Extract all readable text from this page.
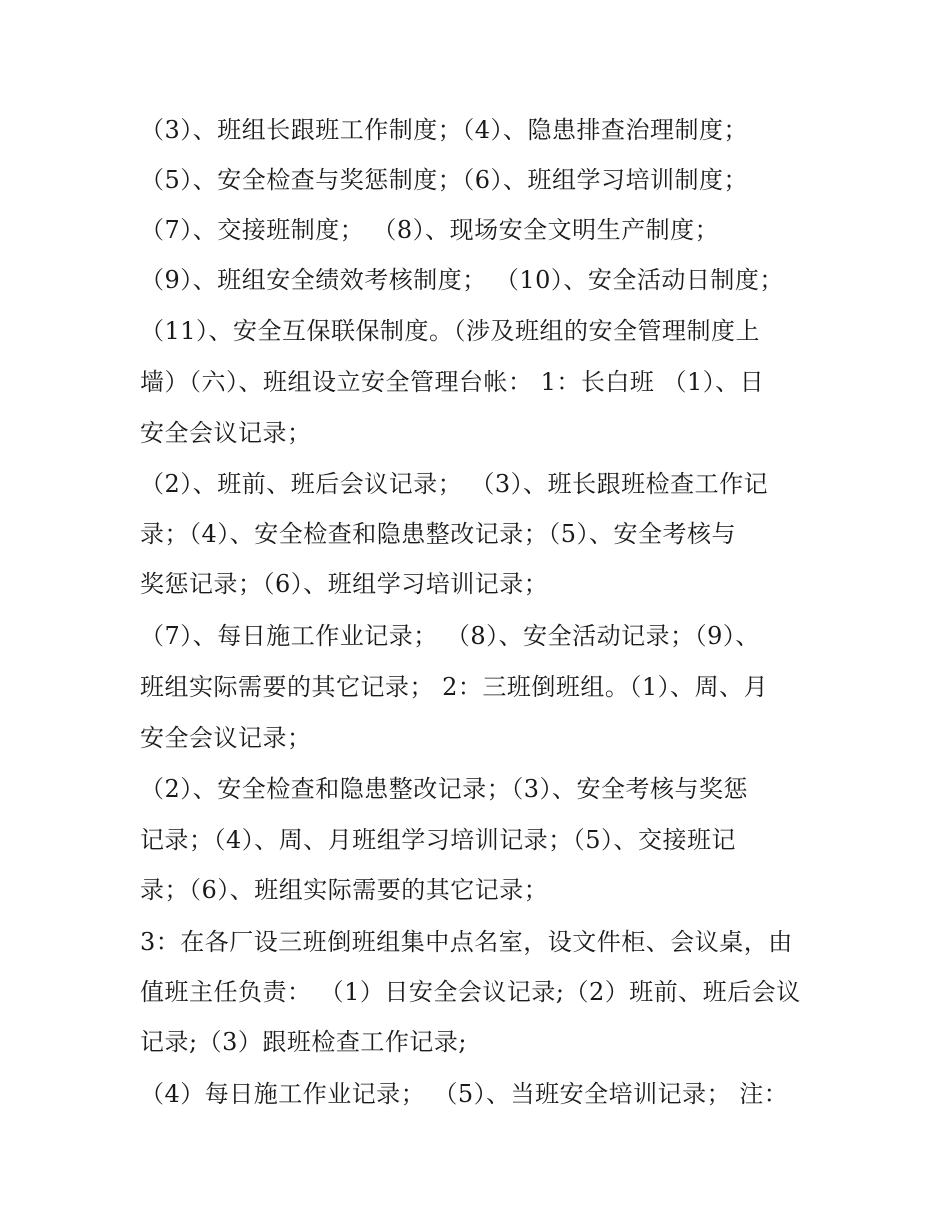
（3）、班组长跟班工作制度；（4）、隐患排查治理制度；
（5）、安全检查与奖惩制度；（6）、班组学习培训制度；
（7）、交接班制度； （8）、现场安全文明生产制度；
（9）、班组安全绩效考核制度； （10）、安全活动日制度；
（11）、安全互保联保制度。（涉及班组的安全管理制度上
墙）（六）、班组设立安全管理台帐： 1：长白班 （1）、日
安全会议记录；
（2）、班前、班后会议记录； （3）、班长跟班检查工作记
录；（4）、安全检查和隐患整改记录；（5）、安全考核与
奖惩记录；（6）、班组学习培训记录；
（7）、每日施工作业记录； （8）、安全活动记录；（9）、
班组实际需要的其它记录； 2：三班倒班组。（1）、周、月
安全会议记录；
（2）、安全检查和隐患整改记录；（3）、安全考核与奖惩
记录；（4）、周、月班组学习培训记录；（5）、交接班记
录；（6）、班组实际需要的其它记录；
3：在各厂设三班倒班组集中点名室，设文件柜、会议桌，由
值班主任负责： （1）日安全会议记录;（2）班前、班后会议
记录;（3）跟班检查工作记录;
（4）每日施工作业记录； （5）、当班安全培训记录； 注：
